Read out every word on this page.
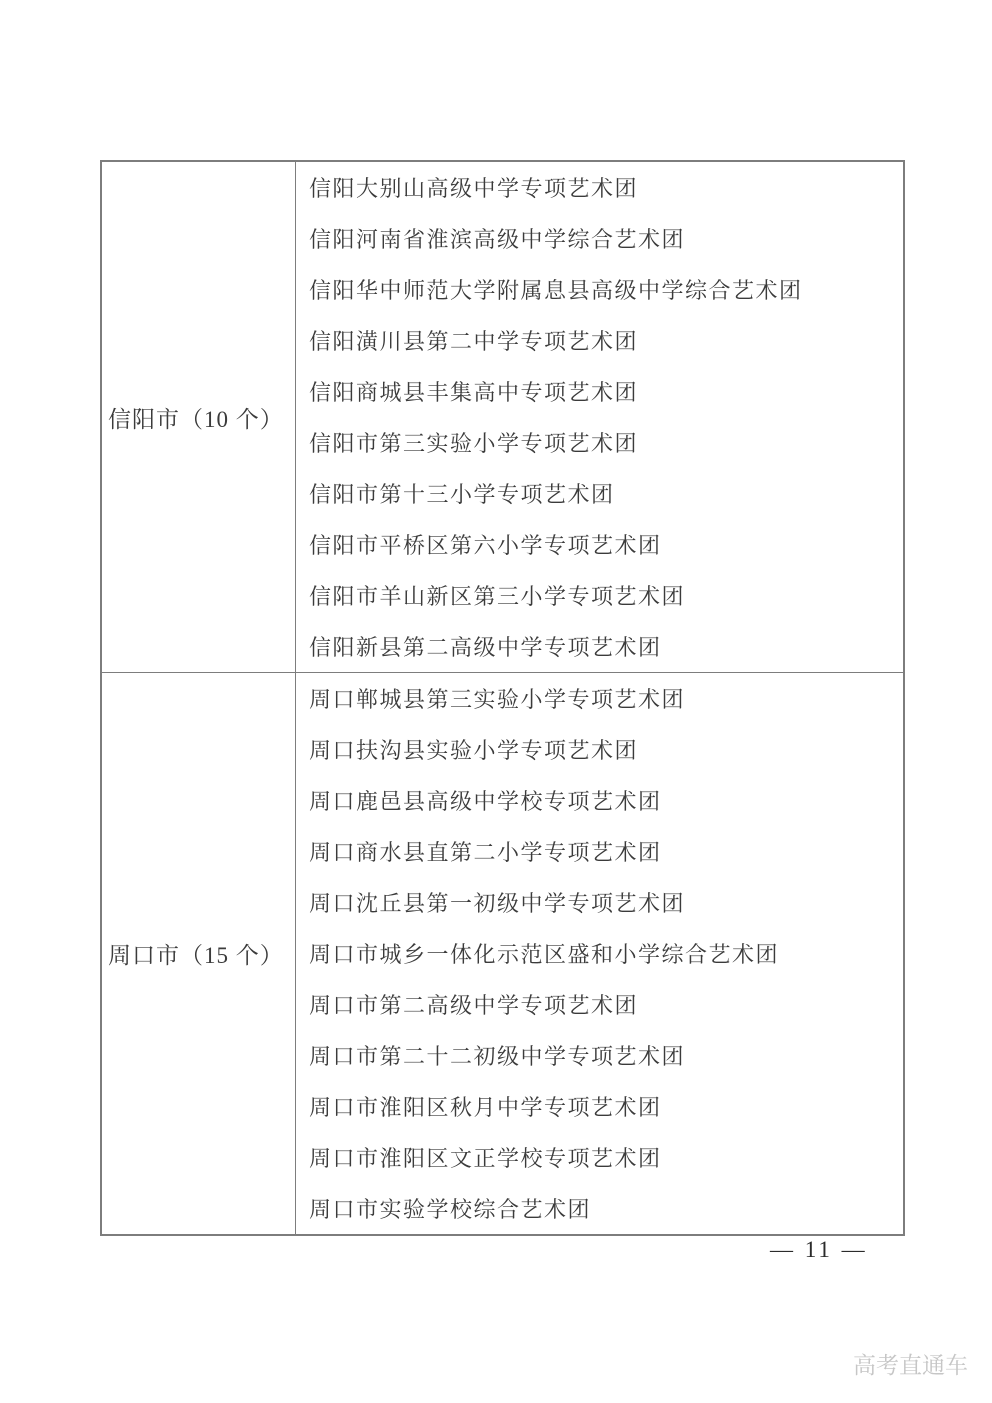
信阳市（10 个）
信阳大别山高级中学专项艺术团
信阳河南省淮滨高级中学综合艺术团
信阳华中师范大学附属息县高级中学综合艺术团
信阳潢川县第二中学专项艺术团
信阳商城县丰集高中专项艺术团
信阳市第三实验小学专项艺术团
信阳市第十三小学专项艺术团
信阳市平桥区第六小学专项艺术团
信阳市羊山新区第三小学专项艺术团
信阳新县第二高级中学专项艺术团
周口市（15 个）
周口郸城县第三实验小学专项艺术团
周口扶沟县实验小学专项艺术团
周口鹿邑县高级中学校专项艺术团
周口商水县直第二小学专项艺术团
周口沈丘县第一初级中学专项艺术团
周口市城乡一体化示范区盛和小学综合艺术团
周口市第二高级中学专项艺术团
周口市第二十二初级中学专项艺术团
周口市淮阳区秋月中学专项艺术团
周口市淮阳区文正学校专项艺术团
周口市实验学校综合艺术团
— 11 —
高考直通车
